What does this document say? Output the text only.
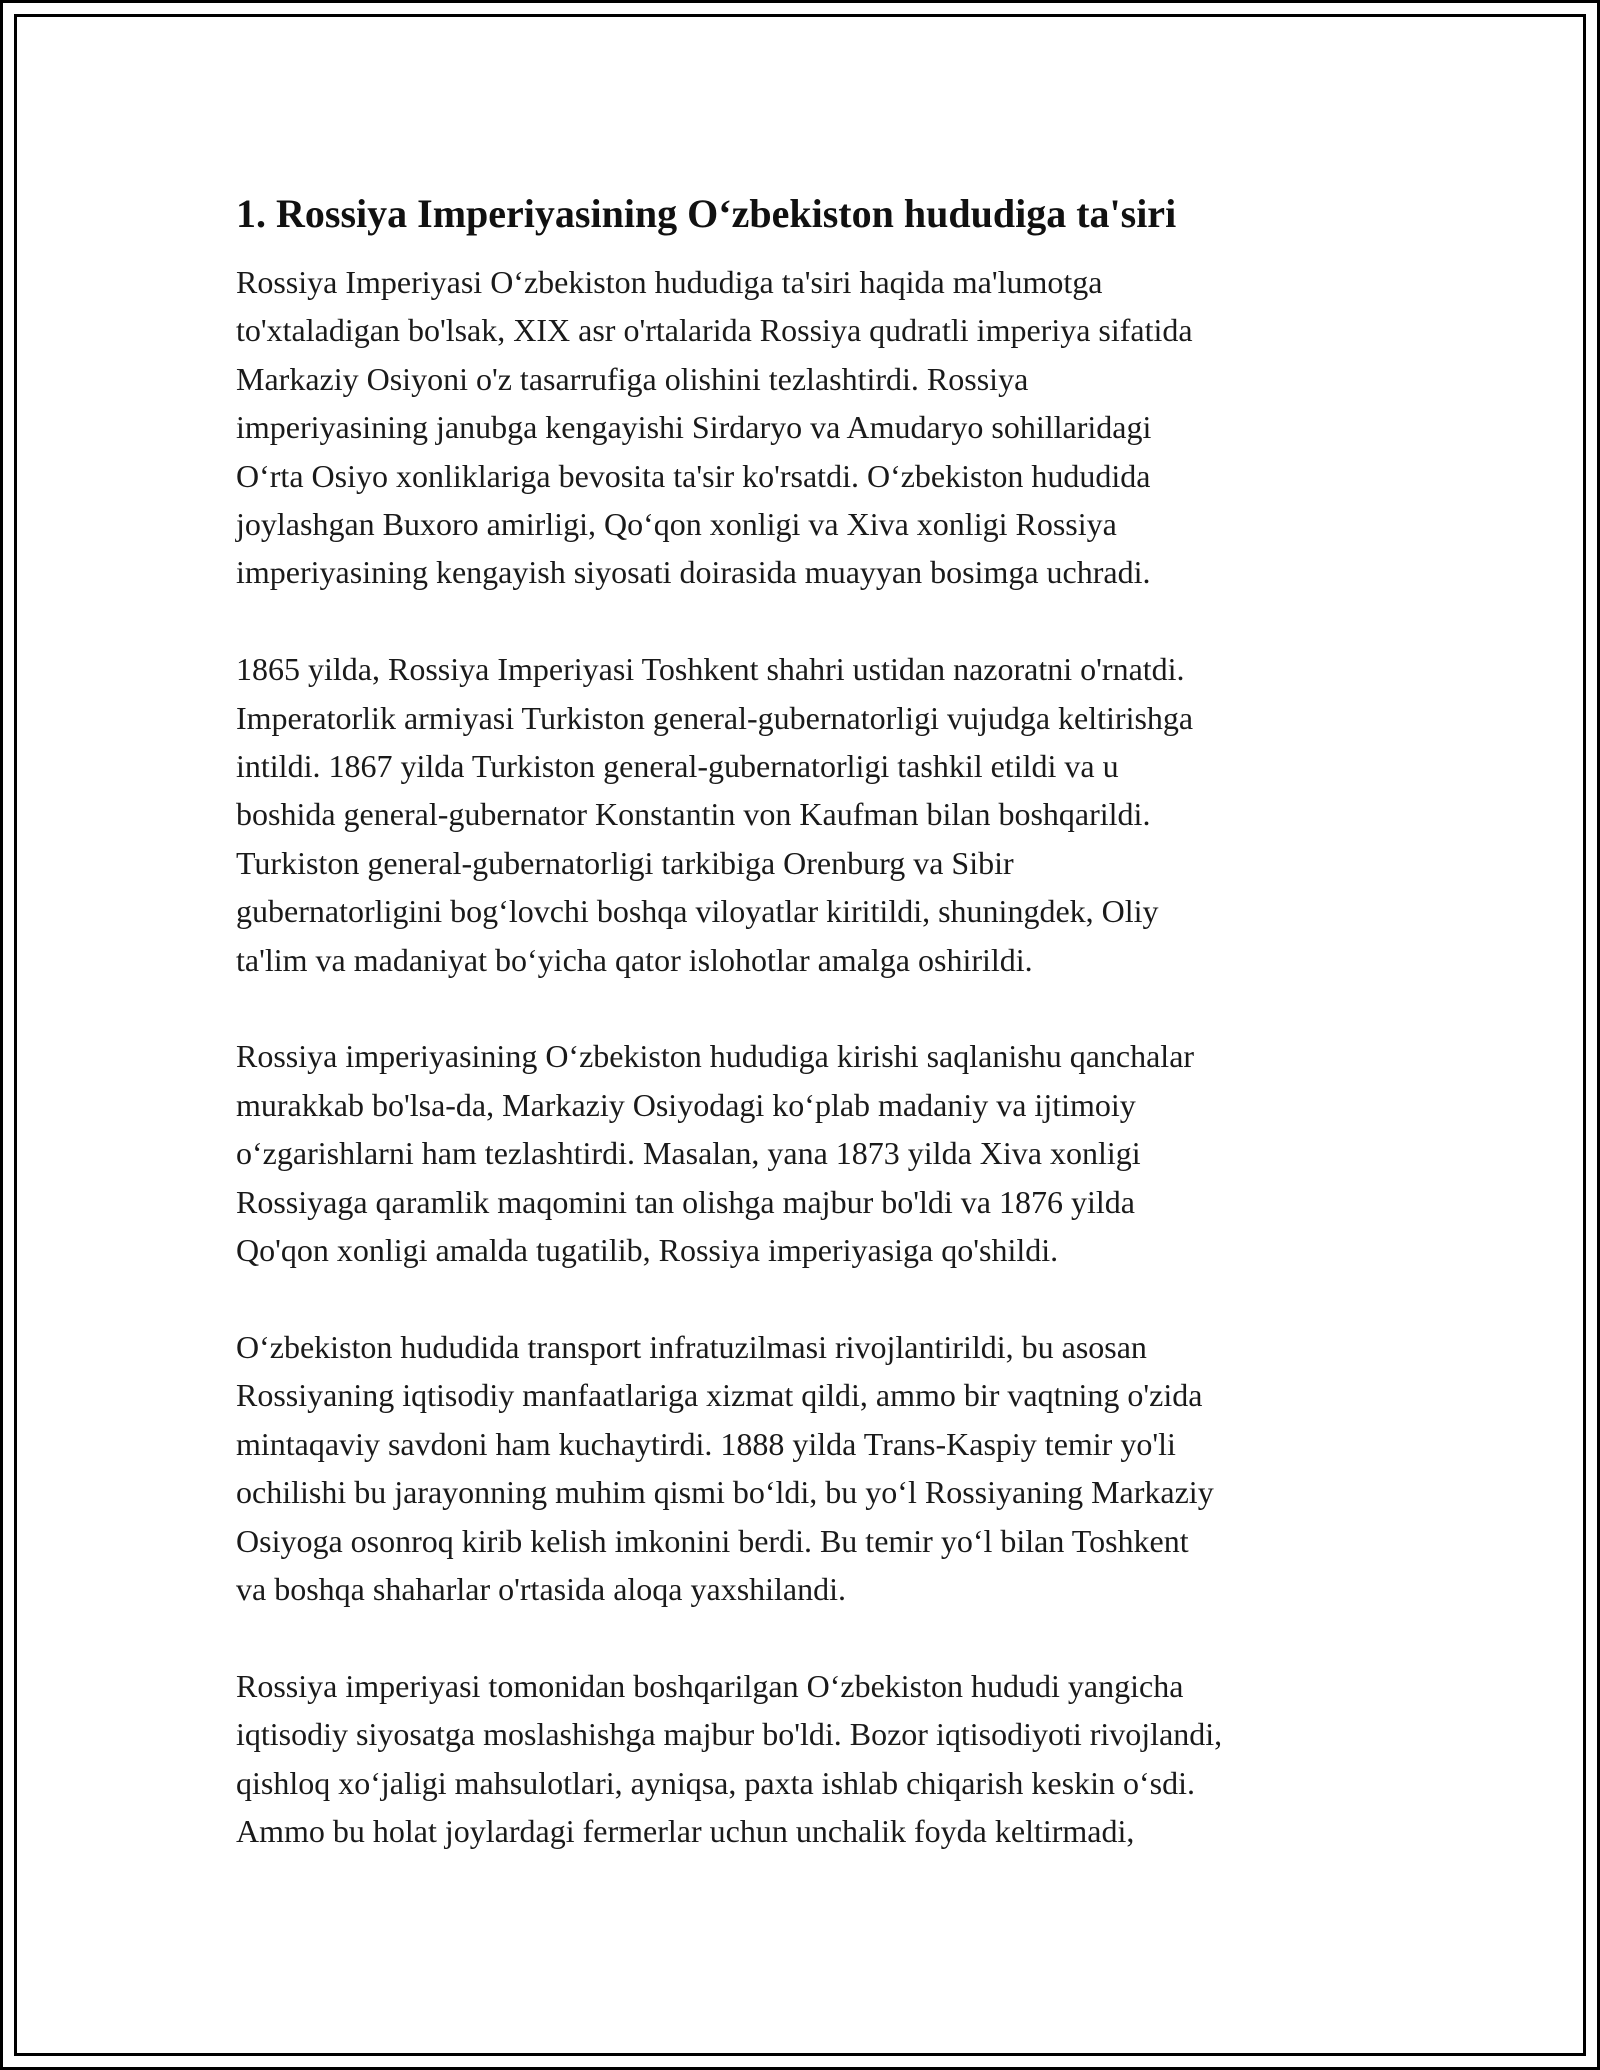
1. Rossiya Imperiyasining O‘zbekiston hududiga ta'siri

Rossiya Imperiyasi O‘zbekiston hududiga ta'siri haqida ma'lumotga
to'xtaladigan bo'lsak, XIX asr o'rtalarida Rossiya qudratli imperiya sifatida
Markaziy Osiyoni o'z tasarrufiga olishini tezlashtirdi. Rossiya
imperiyasining janubga kengayishi Sirdaryo va Amudaryo sohillaridagi
O‘rta Osiyo xonliklariga bevosita ta'sir ko'rsatdi. O‘zbekiston hududida
joylashgan Buxoro amirligi, Qo‘qon xonligi va Xiva xonligi Rossiya
imperiyasining kengayish siyosati doirasida muayyan bosimga uchradi.

1865 yilda, Rossiya Imperiyasi Toshkent shahri ustidan nazoratni o'rnatdi.
Imperatorlik armiyasi Turkiston general-gubernatorligi vujudga keltirishga
intildi. 1867 yilda Turkiston general-gubernatorligi tashkil etildi va u
boshida general-gubernator Konstantin von Kaufman bilan boshqarildi.
Turkiston general-gubernatorligi tarkibiga Orenburg va Sibir
gubernatorligini bog‘lovchi boshqa viloyatlar kiritildi, shuningdek, Oliy
ta'lim va madaniyat bo‘yicha qator islohotlar amalga oshirildi.

Rossiya imperiyasining O‘zbekiston hududiga kirishi saqlanishu qanchalar
murakkab bo'lsa-da, Markaziy Osiyodagi ko‘plab madaniy va ijtimoiy
o‘zgarishlarni ham tezlashtirdi. Masalan, yana 1873 yilda Xiva xonligi
Rossiyaga qaramlik maqomini tan olishga majbur bo'ldi va 1876 yilda
Qo'qon xonligi amalda tugatilib, Rossiya imperiyasiga qo'shildi.

O‘zbekiston hududida transport infratuzilmasi rivojlantirildi, bu asosan
Rossiyaning iqtisodiy manfaatlariga xizmat qildi, ammo bir vaqtning o'zida
mintaqaviy savdoni ham kuchaytirdi. 1888 yilda Trans-Kaspiy temir yo'li
ochilishi bu jarayonning muhim qismi bo‘ldi, bu yo‘l Rossiyaning Markaziy
Osiyoga osonroq kirib kelish imkonini berdi. Bu temir yo‘l bilan Toshkent
va boshqa shaharlar o'rtasida aloqa yaxshilandi.

Rossiya imperiyasi tomonidan boshqarilgan O‘zbekiston hududi yangicha
iqtisodiy siyosatga moslashishga majbur bo'ldi. Bozor iqtisodiyoti rivojlandi,
qishloq xo‘jaligi mahsulotlari, ayniqsa, paxta ishlab chiqarish keskin o‘sdi.
Ammo bu holat joylardagi fermerlar uchun unchalik foyda keltirmadi,
